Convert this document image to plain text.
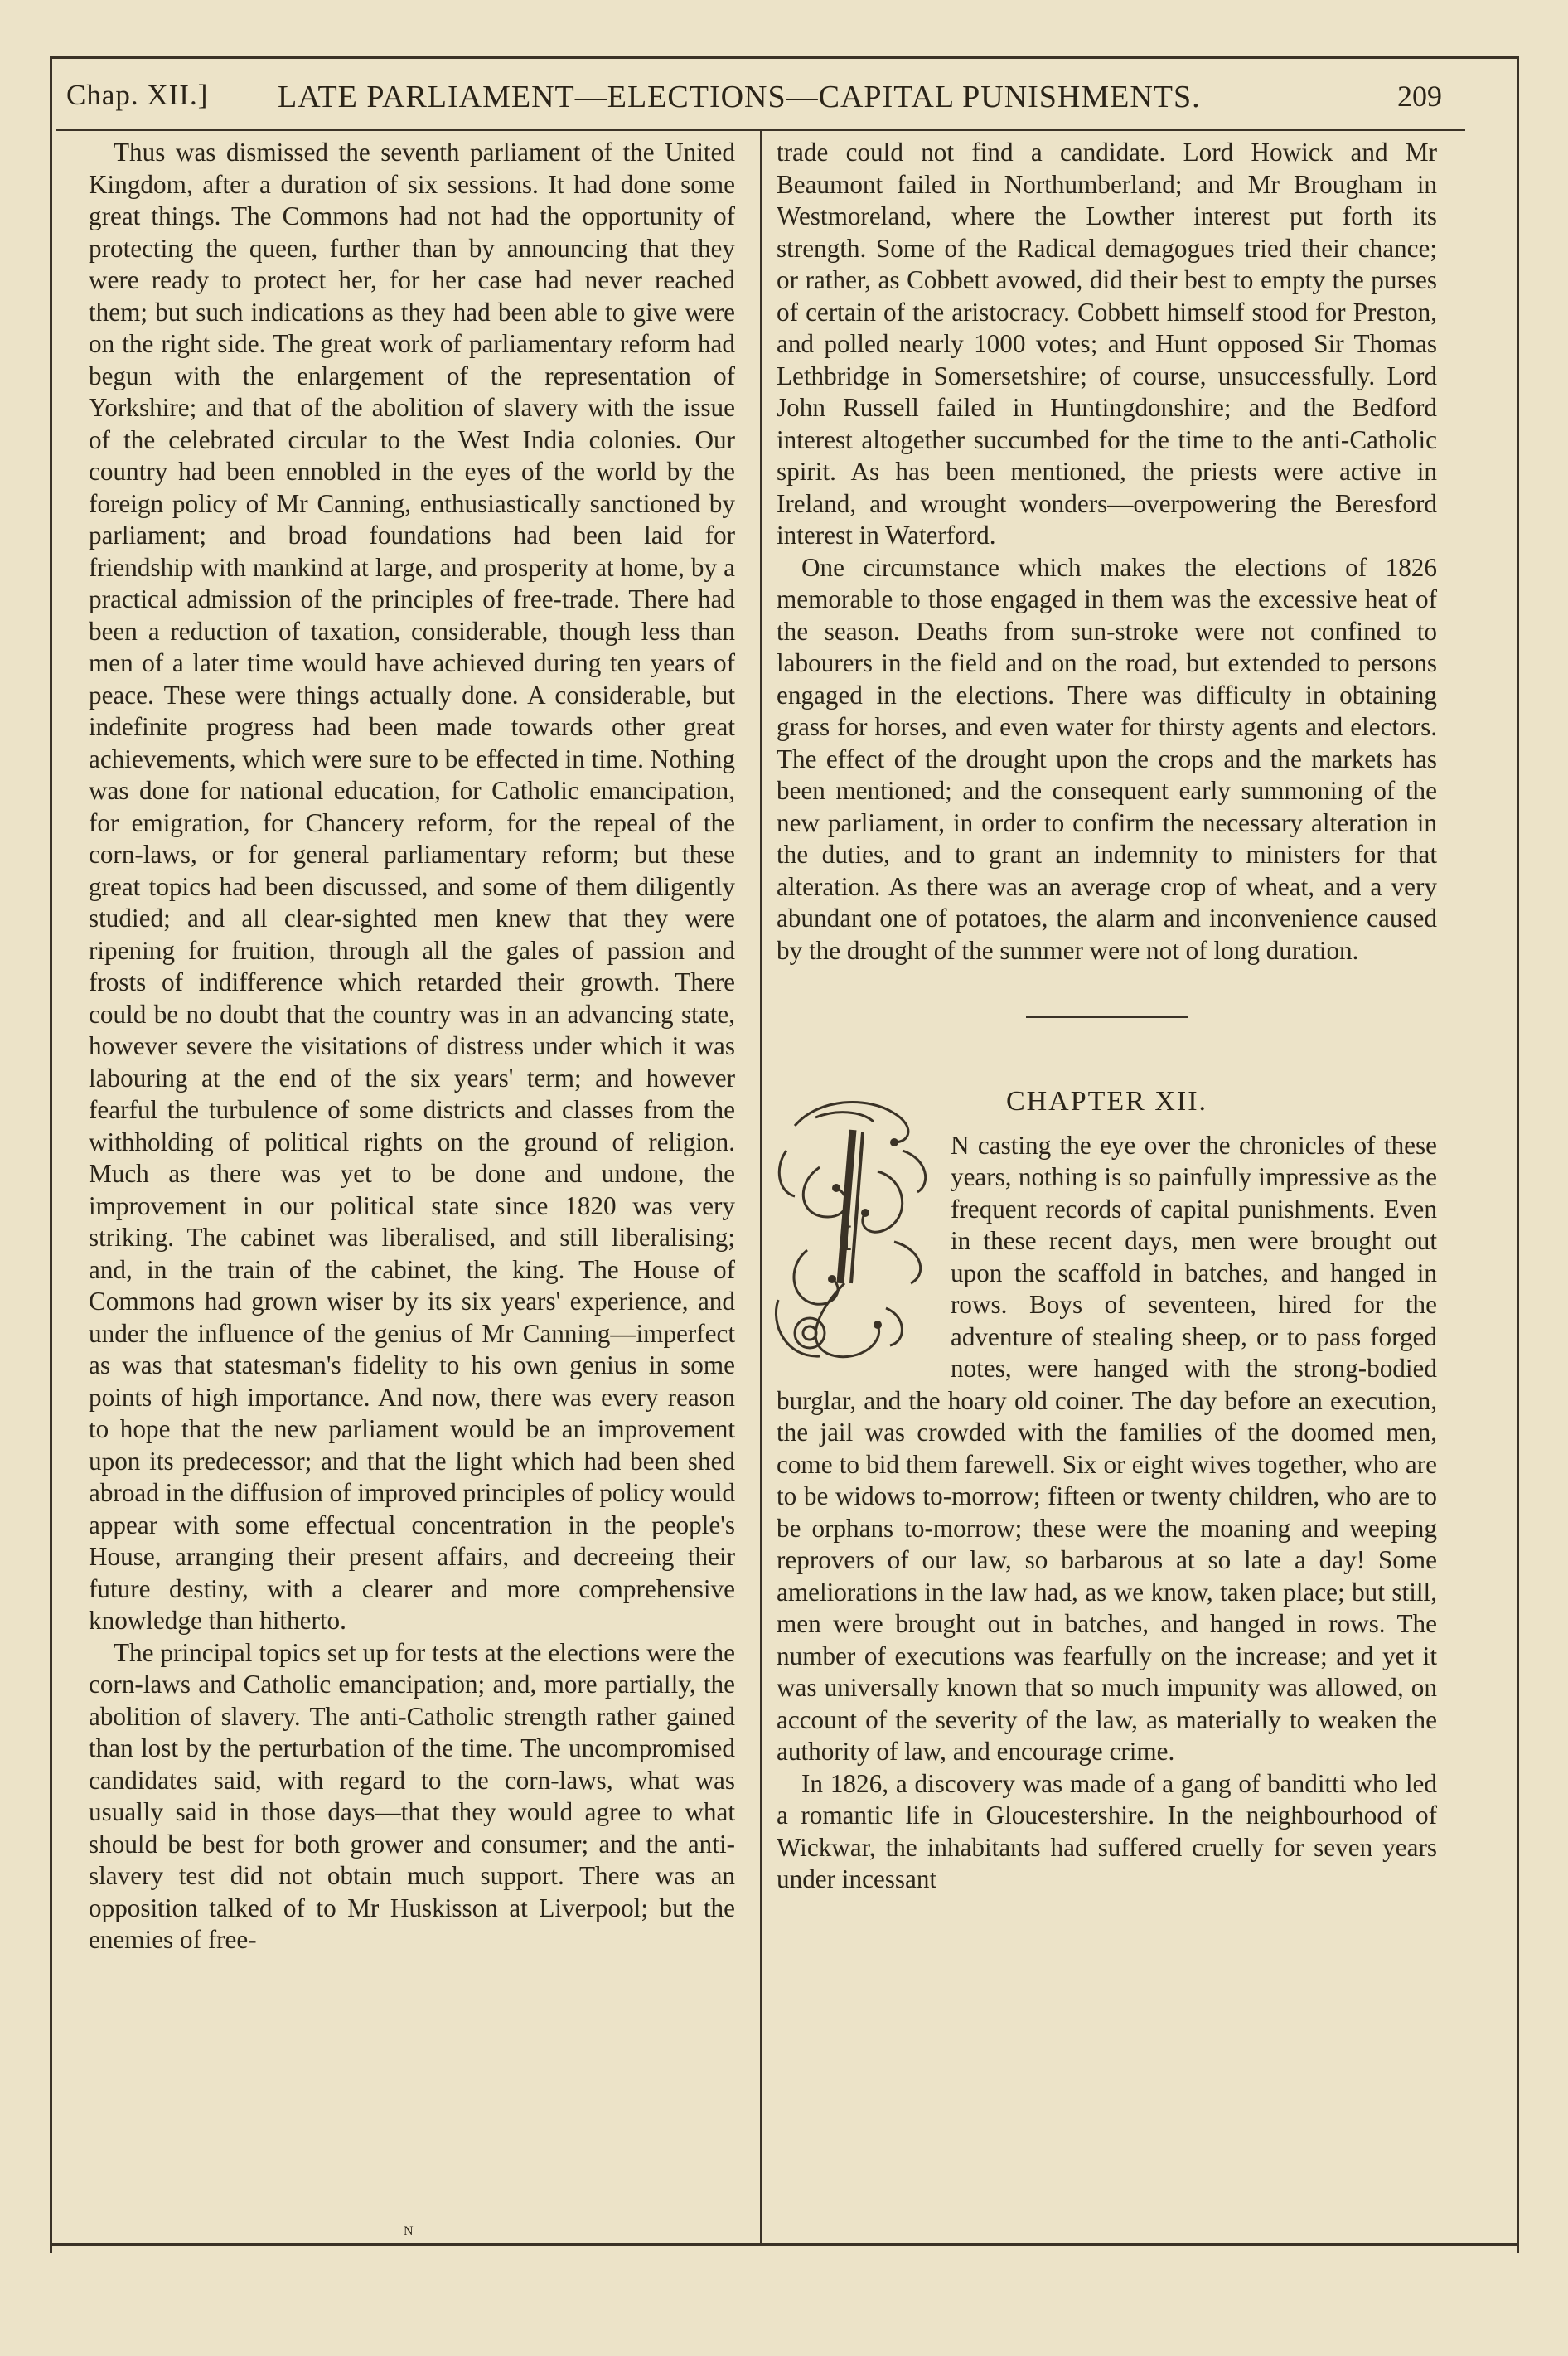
Chap. XII.] LATE PARLIAMENT—ELECTIONS—CAPITAL PUNISHMENTS.	209

Thus was dismissed the seventh parliament of the United Kingdom, after a duration of six sessions. It had done some great things. The Commons had not had the opportunity of protecting the queen, further than by announcing that they were ready to protect her, for her case had never reached them; but such indications as they had been able to give were on the right side. The great work of parliamentary reform had begun with the enlargement of the representation of Yorkshire; and that of the abolition of slavery with the issue of the celebrated circular to the West India colonies. Our country had been ennobled in the eyes of the world by the foreign policy of Mr Canning, enthusiastically sanctioned by parliament; and broad foundations had been laid for friendship with mankind at large, and prosperity at home, by a practical admission of the principles of free-trade. There had been a reduction of taxation, considerable, though less than men of a later time would have achieved during ten years of peace. These were things actually done. A considerable, but indefinite progress had been made towards other great achievements, which were sure to be effected in time. Nothing was done for national education, for Catholic emancipation, for emigration, for Chancery reform, for the repeal of the corn-laws, or for general parliamentary reform; but these great topics had been discussed, and some of them diligently studied; and all clear-sighted men knew that they were ripening for fruition, through all the gales of passion and frosts of indifference which retarded their growth. There could be no doubt that the country was in an advancing state, however severe the visitations of distress under which it was labouring at the end of the six years' term; and however fearful the turbulence of some districts and classes from the withholding of political rights on the ground of religion. Much as there was yet to be done and undone, the improvement in our political state since 1820 was very striking. The cabinet was liberalised, and still liberalising; and, in the train of the cabinet, the king. The House of Commons had grown wiser by its six years' experience, and under the influence of the genius of Mr Canning—imperfect as was that statesman's fidelity to his own genius in some points of high importance. And now, there was every reason to hope that the new parliament would be an improvement upon its predecessor; and that the light which had been shed abroad in the diffusion of improved principles of policy would appear with some effectual concentration in the people's House, arranging their present affairs, and decreeing their future destiny, with a clearer and more comprehensive knowledge than hitherto.

The principal topics set up for tests at the elections were the corn-laws and Catholic emancipation; and, more partially, the abolition of slavery. The anti-Catholic strength rather gained than lost by the perturbation of the time. The uncompromised candidates said, with regard to the corn-laws, what was usually said in those days—that they would agree to what should be best for both grower and consumer; and the anti-slavery test did not obtain much support. There was an opposition talked of to Mr Huskisson at Liverpool; but the enemies of free-

trade could not find a candidate. Lord Howick and Mr Beaumont failed in Northumberland; and Mr Brougham in Westmoreland, where the Lowther interest put forth its strength. Some of the Radical demagogues tried their chance; or rather, as Cobbett avowed, did their best to empty the purses of certain of the aristocracy. Cobbett himself stood for Preston, and polled nearly 1000 votes; and Hunt opposed Sir Thomas Lethbridge in Somersetshire; of course, unsuccessfully. Lord John Russell failed in Huntingdonshire; and the Bedford interest altogether succumbed for the time to the anti-Catholic spirit. As has been mentioned, the priests were active in Ireland, and wrought wonders—overpowering the Beresford interest in Waterford.

One circumstance which makes the elections of 1826 memorable to those engaged in them was the excessive heat of the season. Deaths from sun-stroke were not confined to labourers in the field and on the road, but extended to persons engaged in the elections. There was difficulty in obtaining grass for horses, and even water for thirsty agents and electors. The effect of the drought upon the crops and the markets has been mentioned; and the consequent early summoning of the new parliament, in order to confirm the necessary alteration in the duties, and to grant an indemnity to ministers for that alteration. As there was an average crop of wheat, and a very abundant one of potatoes, the alarm and inconvenience caused by the drought of the summer were not of long duration.

CHAPTER XII.

I
N casting the eye over the chronicles of these years, nothing is so painfully impressive as the frequent records of capital punishments. Even in these recent days, men were brought out upon the scaffold in batches, and hanged in rows. Boys of seventeen, hired for the adventure of stealing sheep, or to pass forged notes, were hanged with the strong-bodied burglar, and the hoary old coiner. The day before an execution, the jail was crowded with the families of the doomed men, come to bid them farewell. Six or eight wives together, who are to be widows to-morrow; fifteen or twenty children, who are to be orphans to-morrow; these were the moaning and weeping reprovers of our law, so barbarous at so late a day! Some ameliorations in the law had, as we know, taken place; but still, men were brought out in batches, and hanged in rows. The number of executions was fearfully on the increase; and yet it was universally known that so much impunity was allowed, on account of the severity of the law, as materially to weaken the authority of law, and encourage crime.

In 1826, a discovery was made of a gang of banditti who led a romantic life in Gloucestershire. In the neighbourhood of Wickwar, the inhabitants had suffered cruelly for seven years under incessant

N
